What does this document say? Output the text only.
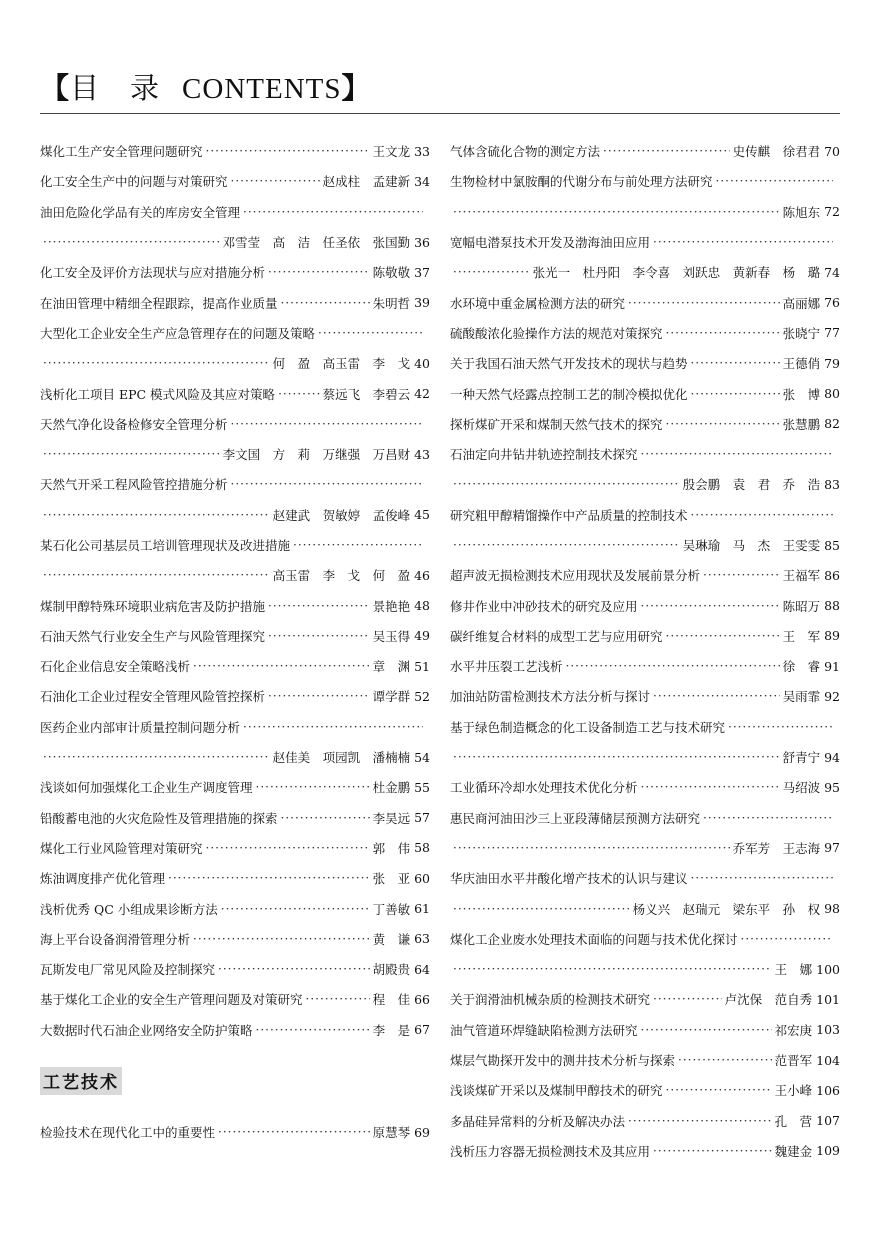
【目　录 CONTENTS】
煤化工生产安全管理问题研究 ·····	王文龙 33
化工安全生产中的问题与对策研究 ·····	赵成柱　孟建新 34
油田危险化学品有关的库房安全管理
·····
·····
邓雪莹　高　洁　任圣依　张国勤 36
化工安全及评价方法现状与应对措施分析 ·····	陈敬敬 37
在油田管理中精细全程跟踪，提高作业质量 ·····	朱明哲 39
大型化工企业安全生产应急管理存在的问题及策略
·····
·····
何　盈　高玉雷　李　戈 40
浅析化工项目 EPC 模式风险及其应对策略 ·····	蔡远飞　李碧云 42
天然气净化设备检修安全管理分析
·····
·····
李文国　方　莉　万继强　万昌财 43
天然气开采工程风险管控措施分析
·····
·····
赵建武　贺敏婷　孟俊峰 45
某石化公司基层员工培训管理现状及改进措施
·····
·····
高玉雷　李　戈　何　盈 46
煤制甲醇特殊环境职业病危害及防护措施 ·····	景艳艳 48
石油天然气行业安全生产与风险管理探究 ·····	吴玉得 49
石化企业信息安全策略浅析 ·····	章　渊 51
石油化工企业过程安全管理风险管控探析 ·····	谭学群 52
医药企业内部审计质量控制问题分析
·····
·····
赵佳美　项园凯　潘楠楠 54
浅谈如何加强煤化工企业生产调度管理 ·····	杜金鹏 55
铅酸蓄电池的火灾危险性及管理措施的探索 ·····	李昊远 57
煤化工行业风险管理对策研究 ·····	郭　伟 58
炼油调度排产优化管理 ·····	张　亚 60
浅析优秀 QC 小组成果诊断方法 ·····	丁善敏 61
海上平台设备润滑管理分析 ·····	黄　谦 63
瓦斯发电厂常见风险及控制探究 ·····	胡殿贵 64
基于煤化工企业的安全生产管理问题及对策研究 ·····	程　佳 66
大数据时代石油企业网络安全防护策略 ·····	李　是 67
工艺技术
检验技术在现代化工中的重要性 ·····	原慧琴 69
气体含硫化合物的测定方法 ·····	史传麒　徐君君 70
生物检材中氯胺酮的代谢分布与前处理方法研究
·····
·····
陈旭东 72
宽幅电潜泵技术开发及渤海油田应用
·····
·····
张光一　杜丹阳　李令喜　刘跃忠　黄新春　杨　璐 74
水环境中重金属检测方法的研究 ·····	高丽娜 76
硫酸酸浓化验操作方法的规范对策探究 ·····	张晓宁 77
关于我国石油天然气开发技术的现状与趋势 ·····	王德俏 79
一种天然气烃露点控制工艺的制冷模拟优化 ·····	张　博 80
探析煤矿开采和煤制天然气技术的探究 ·····	张慧鹏 82
石油定向井钻井轨迹控制技术探究
·····
·····
殷会鹏　袁　君　乔　浩 83
研究粗甲醇精馏操作中产品质量的控制技术
·····
·····
吴琳瑜　马　杰　王雯雯 85
超声波无损检测技术应用现状及发展前景分析 ·····	王福军 86
修井作业中冲砂技术的研究及应用 ·····	陈昭万 88
碳纤维复合材料的成型工艺与应用研究 ·····	王　军 89
水平井压裂工艺浅析 ·····	徐　睿 91
加油站防雷检测技术方法分析与探讨 ·····	吴雨霏 92
基于绿色制造概念的化工设备制造工艺与技术研究
·····
·····
舒青宁 94
工业循环冷却水处理技术优化分析 ·····	马绍波 95
惠民商河油田沙三上亚段薄储层预测方法研究
·····
·····
乔军芳　王志海 97
华庆油田水平井酸化增产技术的认识与建议
·····
·····
杨义兴　赵瑞元　梁东平　孙　权 98
煤化工企业废水处理技术面临的问题与技术优化探讨
·····
·····
王　娜 100
关于润滑油机械杂质的检测技术研究 ·····	卢沈保　范自秀 101
油气管道环焊缝缺陷检测方法研究 ·····	祁宏庚 103
煤层气勘探开发中的测井技术分析与探索 ·····	范晋军 104
浅谈煤矿开采以及煤制甲醇技术的研究 ·····	王小峰 106
多晶硅异常料的分析及解决办法 ·····	孔　营 107
浅析压力容器无损检测技术及其应用 ·····	魏建金 109
